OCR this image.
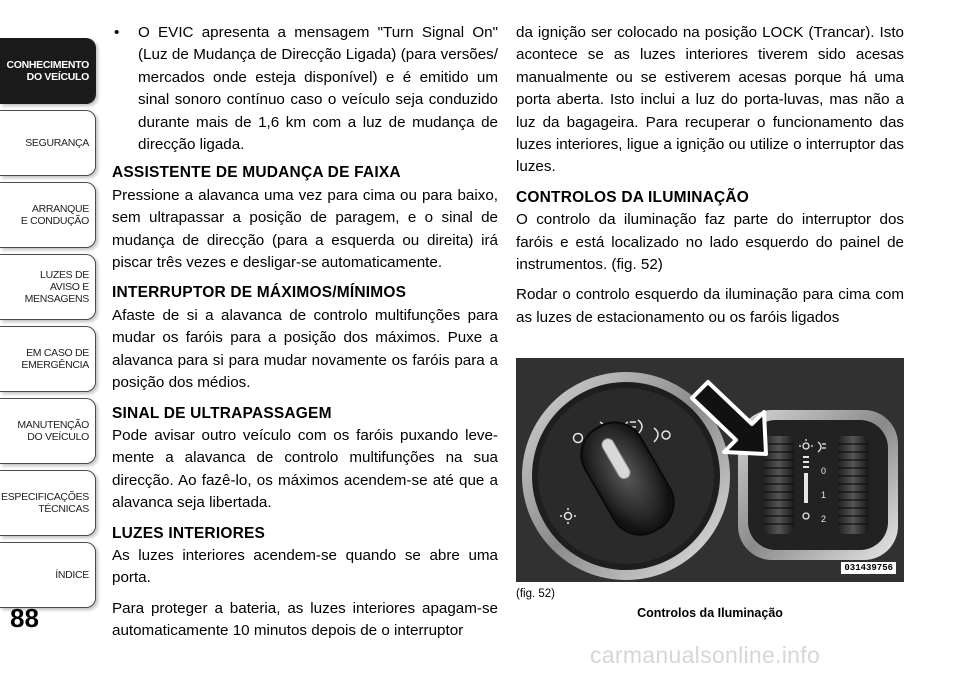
CONHECIMENTO
DO VEÍCULO
SEGURANÇA
ARRANQUE
E CONDUÇÃO
LUZES DE
AVISO E
MENSAGENS
EM CASO DE
EMERGÊNCIA
MANUTENÇÃO
DO VEÍCULO
ESPECIFICAÇÕES
TÉCNICAS
ÍNDICE
88
•	O EVIC apresenta a mensagem "Turn Signal On" (Luz de Mudança de Direcção Ligada) (para versões/ mercados onde esteja disponível) e é emitido um sinal sonoro contínuo caso o veículo seja conduzido durante mais de 1,6 km com a luz de mudança de direcção ligada.
ASSISTENTE DE MUDANÇA DE FAIXA

Pressione a alavanca uma vez para cima ou para baixo, sem ultrapassar a posição de paragem, e o sinal de mudança de direcção (para a esquerda ou direita) irá piscar três vezes e desligar-se automaticamente.

INTERRUPTOR DE MÁXIMOS/MÍNIMOS

Afaste de si a alavanca de controlo multifunções para mudar os faróis para a posição dos máximos. Puxe a alavanca para si para mudar novamente os faróis para a posição dos médios.

SINAL DE ULTRAPASSAGEM

Pode avisar outro veículo com os faróis puxando leve- mente a alavanca de controlo multifunções na sua direcção. Ao fazê-lo, os máximos acendem-se até que a alavanca seja libertada.

LUZES INTERIORES

As luzes interiores acendem-se quando se abre uma porta.

Para proteger a bateria, as luzes interiores apagam-se automaticamente 10 minutos depois de o interruptor

da ignição ser colocado na posição LOCK (Trancar). Isto acontece se as luzes interiores tiverem sido acesas manualmente ou se estiverem acesas porque há uma porta aberta. Isto inclui a luz do porta-luvas, mas não a luz da bagageira. Para recuperar o funcionamento das luzes interiores, ligue a ignição ou utilize o interruptor das luzes.

CONTROLOS DA ILUMINAÇÃO

O controlo da iluminação faz parte do interruptor dos faróis e está localizado no lado esquerdo do painel de instrumentos. (fig. 52)

Rodar o controlo esquerdo da iluminação para cima com as luzes de estacionamento ou os faróis ligados

0
1
2
031439756
(fig. 52)
Controlos da Iluminação
carmanualsonline.info
